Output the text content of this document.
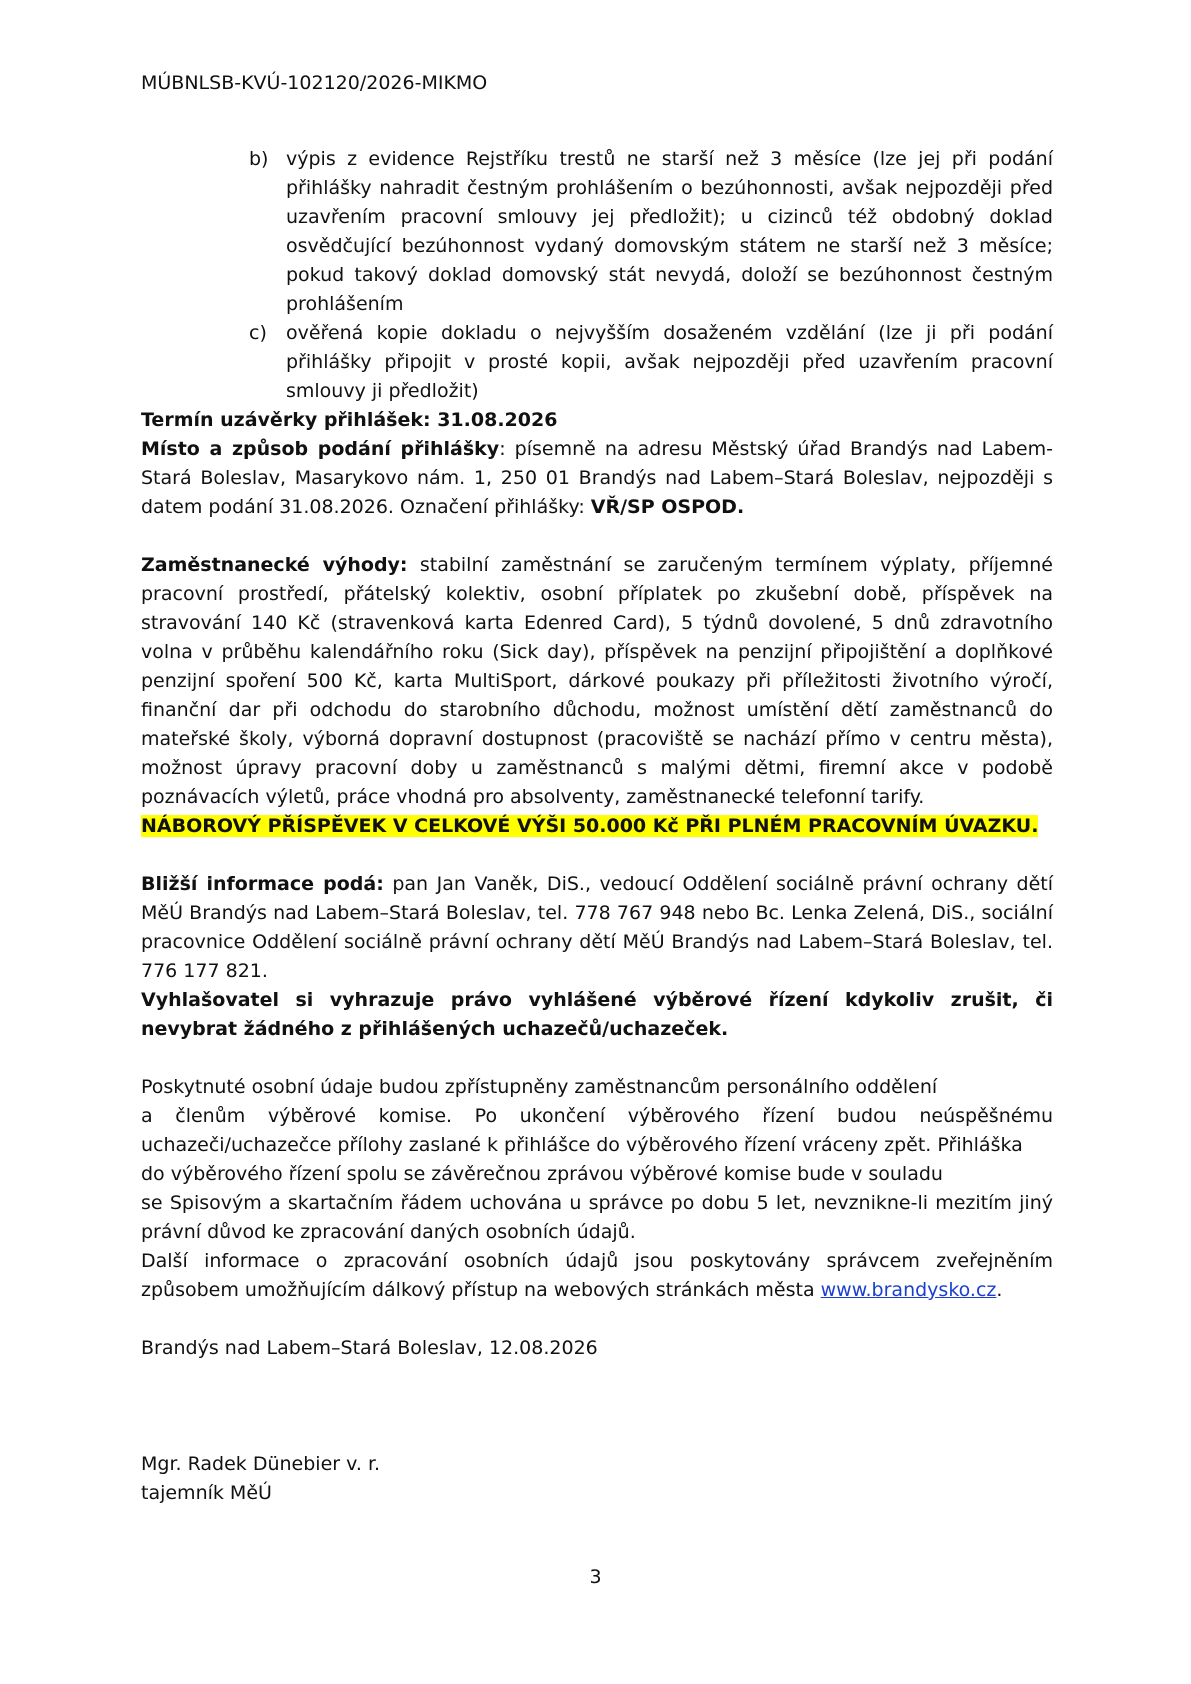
MÚBNLSB-KVÚ-102120/2026-MIKMO
b) výpis z evidence Rejstříku trestů ne starší než 3 měsíce (lze jej při podání přihlášky nahradit čestným prohlášením o bezúhonnosti, avšak nejpozději před uzavřením pracovní smlouvy jej předložit); u cizinců též obdobný doklad osvědčující bezúhonnost vydaný domovským státem ne starší než 3 měsíce; pokud takový doklad domovský stát nevydá, doloží se bezúhonnost čestným prohlášením
c) ověřená kopie dokladu o nejvyšším dosaženém vzdělání (lze ji při podání přihlášky připojit v prosté kopii, avšak nejpozději před uzavřením pracovní smlouvy ji předložit)

Termín uzávěrky přihlášek: 31.08.2026

Místo a způsob podání přihlášky: písemně na adresu Městský úřad Brandýs nad Labem-Stará Boleslav, Masarykovo nám. 1, 250 01 Brandýs nad Labem–Stará Boleslav, nejpozději s datem podání 31.08.2026. Označení přihlášky: VŘ/SP OSPOD.

Zaměstnanecké výhody: stabilní zaměstnání se zaručeným termínem výplaty, příjemné pracovní prostředí, přátelský kolektiv, osobní příplatek po zkušební době, příspěvek na stravování 140 Kč (stravenková karta Edenred Card), 5 týdnů dovolené, 5 dnů zdravotního volna v průběhu kalendářního roku (Sick day), příspěvek na penzijní připojištění a doplňkové penzijní spoření 500 Kč, karta MultiSport, dárkové poukazy při příležitosti životního výročí, finanční dar při odchodu do starobního důchodu, možnost umístění dětí zaměstnanců do mateřské školy, výborná dopravní dostupnost (pracoviště se nachází přímo v centru města), možnost úpravy pracovní doby u zaměstnanců s malými dětmi, firemní akce v podobě poznávacích výletů, práce vhodná pro absolventy, zaměstnanecké telefonní tarify.

NÁBOROVÝ PŘÍSPĚVEK V CELKOVÉ VÝŠI 50.000 Kč PŘI PLNÉM PRACOVNÍM ÚVAZKU.

Bližší informace podá: pan Jan Vaněk, DiS., vedoucí Oddělení sociálně právní ochrany dětí MěÚ Brandýs nad Labem–Stará Boleslav, tel. 778 767 948 nebo Bc. Lenka Zelená, DiS., sociální pracovnice Oddělení sociálně právní ochrany dětí MěÚ Brandýs nad Labem–Stará Boleslav, tel. 776 177 821.

Vyhlašovatel si vyhrazuje právo vyhlášené výběrové řízení kdykoliv zrušit, či nevybrat žádného z přihlášených uchazečů/uchazeček.

Poskytnuté osobní údaje budou zpřístupněny zaměstnancům personálního oddělení

a členům výběrové komise. Po ukončení výběrového řízení budou neúspěšnému uchazeči/uchazečce přílohy zaslané k přihlášce do výběrového řízení vráceny zpět. Přihláška

do výběrového řízení spolu se závěrečnou zprávou výběrové komise bude v souladu

se Spisovým a skartačním řádem uchována u správce po dobu 5 let, nevznikne-li mezitím jiný právní důvod ke zpracování daných osobních údajů.

Další informace o zpracování osobních údajů jsou poskytovány správcem zveřejněním způsobem umožňujícím dálkový přístup na webových stránkách města www.brandysko.cz.

Brandýs nad Labem–Stará Boleslav, 12.08.2026

Mgr. Radek Dünebier v. r.

tajemník MěÚ

3
